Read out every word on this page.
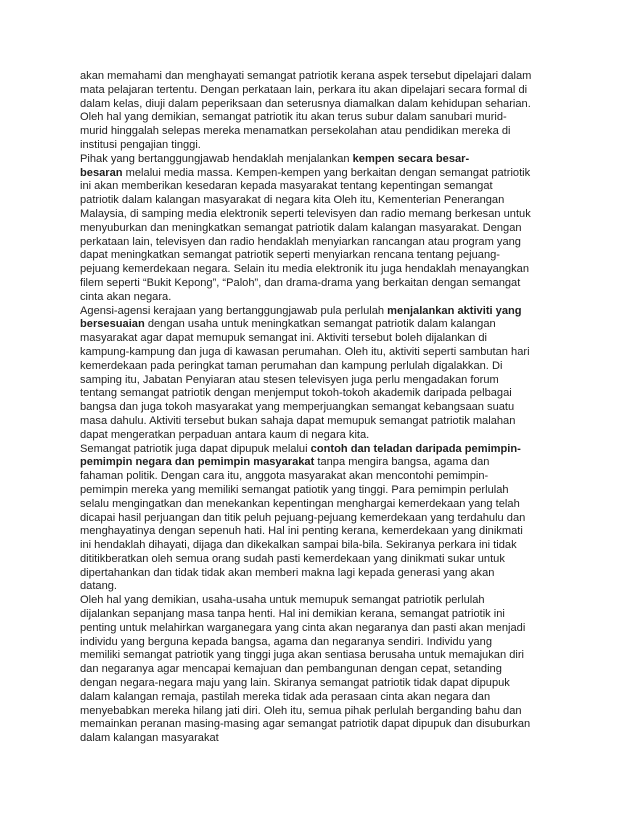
akan memahami dan menghayati semangat patriotik kerana aspek tersebut dipelajari dalam
mata pelajaran tertentu. Dengan perkataan lain, perkara itu akan dipelajari secara formal di
dalam kelas, diuji dalam peperiksaan dan seterusnya diamalkan dalam kehidupan seharian.
Oleh hal yang demikian, semangat patriotik itu akan terus subur dalam sanubari murid-
murid hinggalah selepas mereka menamatkan persekolahan atau pendidikan mereka di
institusi pengajian tinggi.
Pihak yang bertanggungjawab hendaklah menjalankan kempen secara besar-
besaran melalui media massa. Kempen-kempen yang berkaitan dengan semangat patriotik
ini akan memberikan kesedaran kepada masyarakat tentang kepentingan semangat
patriotik dalam kalangan masyarakat di negara kita Oleh itu, Kementerian Penerangan
Malaysia, di samping media elektronik seperti televisyen dan radio memang berkesan untuk
menyuburkan dan meningkatkan semangat patriotik dalam kalangan masyarakat. Dengan
perkataan lain, televisyen dan radio hendaklah menyiarkan rancangan atau program yang
dapat meningkatkan semangat patriotik seperti menyiarkan rencana tentang pejuang-
pejuang kemerdekaan negara. Selain itu media elektronik itu juga hendaklah menayangkan
filem seperti “Bukit Kepong”, “Paloh”, dan drama-drama yang berkaitan dengan semangat
cinta akan negara.
Agensi-agensi kerajaan yang bertanggungjawab pula perlulah menjalankan aktiviti yang
bersesuaian dengan usaha untuk meningkatkan semangat patriotik dalam kalangan
masyarakat agar dapat memupuk semangat ini. Aktiviti tersebut boleh dijalankan di
kampung-kampung dan juga di kawasan perumahan. Oleh itu, aktiviti seperti sambutan hari
kemerdekaan pada peringkat taman perumahan dan kampung perlulah digalakkan. Di
samping itu, Jabatan Penyiaran atau stesen televisyen juga perlu mengadakan forum
tentang semangat patriotik dengan menjemput tokoh-tokoh akademik daripada pelbagai
bangsa dan juga tokoh masyarakat yang memperjuangkan semangat kebangsaan suatu
masa dahulu. Aktiviti tersebut bukan sahaja dapat memupuk semangat patriotik malahan
dapat mengeratkan perpaduan antara kaum di negara kita.
Semangat patriotik juga dapat dipupuk melalui contoh dan teladan daripada pemimpin-
pemimpin negara dan pemimpin masyarakat tanpa mengira bangsa, agama dan
fahaman politik. Dengan cara itu, anggota masyarakat akan mencontohi pemimpin-
pemimpin mereka yang memiliki semangat patiotik yang tinggi. Para pemimpin perlulah
selalu mengingatkan dan menekankan kepentingan menghargai kemerdekaan yang telah
dicapai hasil perjuangan dan titik peluh pejuang-pejuang kemerdekaan yang terdahulu dan
menghayatinya dengan sepenuh hati. Hal ini penting kerana, kemerdekaan yang dinikmati
ini hendaklah dihayati, dijaga dan dikekalkan sampai bila-bila. Sekiranya perkara ini tidak
dititikberatkan oleh semua orang sudah pasti kemerdekaan yang dinikmati sukar untuk
dipertahankan dan tidak tidak akan memberi makna lagi kepada generasi yang akan
datang.
Oleh hal yang demikian, usaha-usaha untuk memupuk semangat patriotik perlulah
dijalankan sepanjang masa tanpa henti. Hal ini demikian kerana, semangat patriotik ini
penting untuk melahirkan warganegara yang cinta akan negaranya dan pasti akan menjadi
individu yang berguna kepada bangsa, agama dan negaranya sendiri. Individu yang
memiliki semangat patriotik yang tinggi juga akan sentiasa berusaha untuk memajukan diri
dan negaranya agar mencapai kemajuan dan pembangunan dengan cepat, setanding
dengan negara-negara maju yang lain. Skiranya semangat patriotik tidak dapat dipupuk
dalam kalangan remaja, pastilah mereka tidak ada perasaan cinta akan negara dan
menyebabkan mereka hilang jati diri. Oleh itu, semua pihak perlulah berganding bahu dan
memainkan peranan masing-masing agar semangat patriotik dapat dipupuk dan disuburkan
dalam kalangan masyarakat
